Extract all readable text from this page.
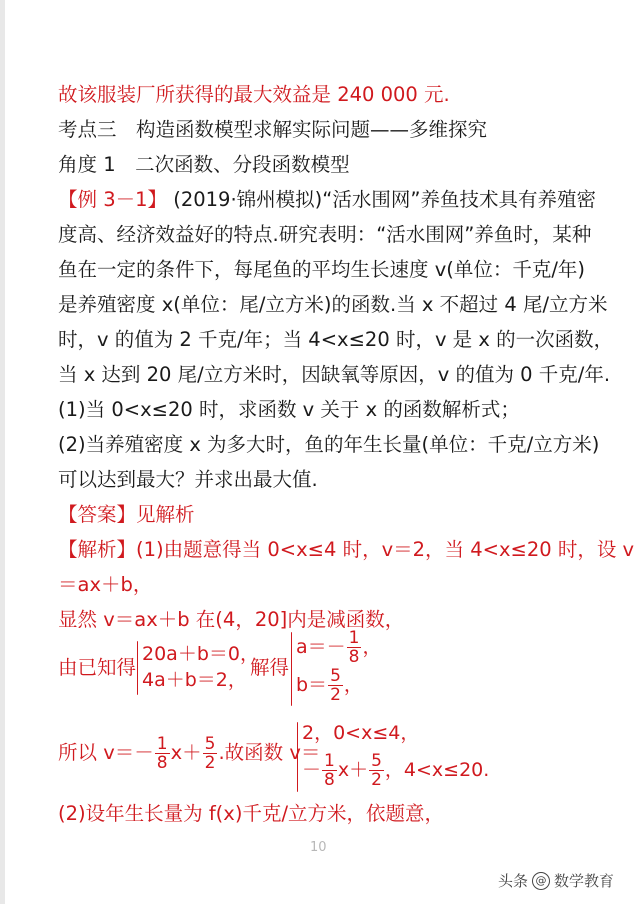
故该服装厂所获得的最大效益是 240 000 元.
考点三　构造函数模型求解实际问题——多维探究
角度 1　二次函数、分段函数模型
【例 3－1】 (2019·锦州模拟)“活水围网”养鱼技术具有养殖密
度高、经济效益好的特点.研究表明：“活水围网”养鱼时，某种
鱼在一定的条件下，每尾鱼的平均生长速度 v(单位：千克/年)
是养殖密度 x(单位：尾/立方米)的函数.当 x 不超过 4 尾/立方米
时，v 的值为 2 千克/年；当 4<x≤20 时，v 是 x 的一次函数，
当 x 达到 20 尾/立方米时，因缺氧等原因，v 的值为 0 千克/年.
(1)当 0<x≤20 时，求函数 v 关于 x 的函数解析式；
(2)当养殖密度 x 为多大时，鱼的年生长量(单位：千克/立方米)
可以达到最大？并求出最大值.
【答案】见解析
【解析】(1)由题意得当 0<x≤4 时，v＝2，当 4<x≤20 时，设 v
＝ax＋b，
显然 v＝ax＋b 在(4，20]内是减函数，
由已知得
20a＋b＝0，
4a＋b＝2，
解得
$a=- \frac{1}{8}$ ，
$b= \frac{5}{2}$ ，
所以 $v=- \frac{1}{8} x+ \frac{5}{2}$ .故函数 v＝
2，0<x≤4，
－ $\frac{1}{8} x+ \frac{5}{2}$ ，4<x≤20.
(2)设年生长量为 f(x)千克/立方米，依题意，
10
头条 @ 数学教育
